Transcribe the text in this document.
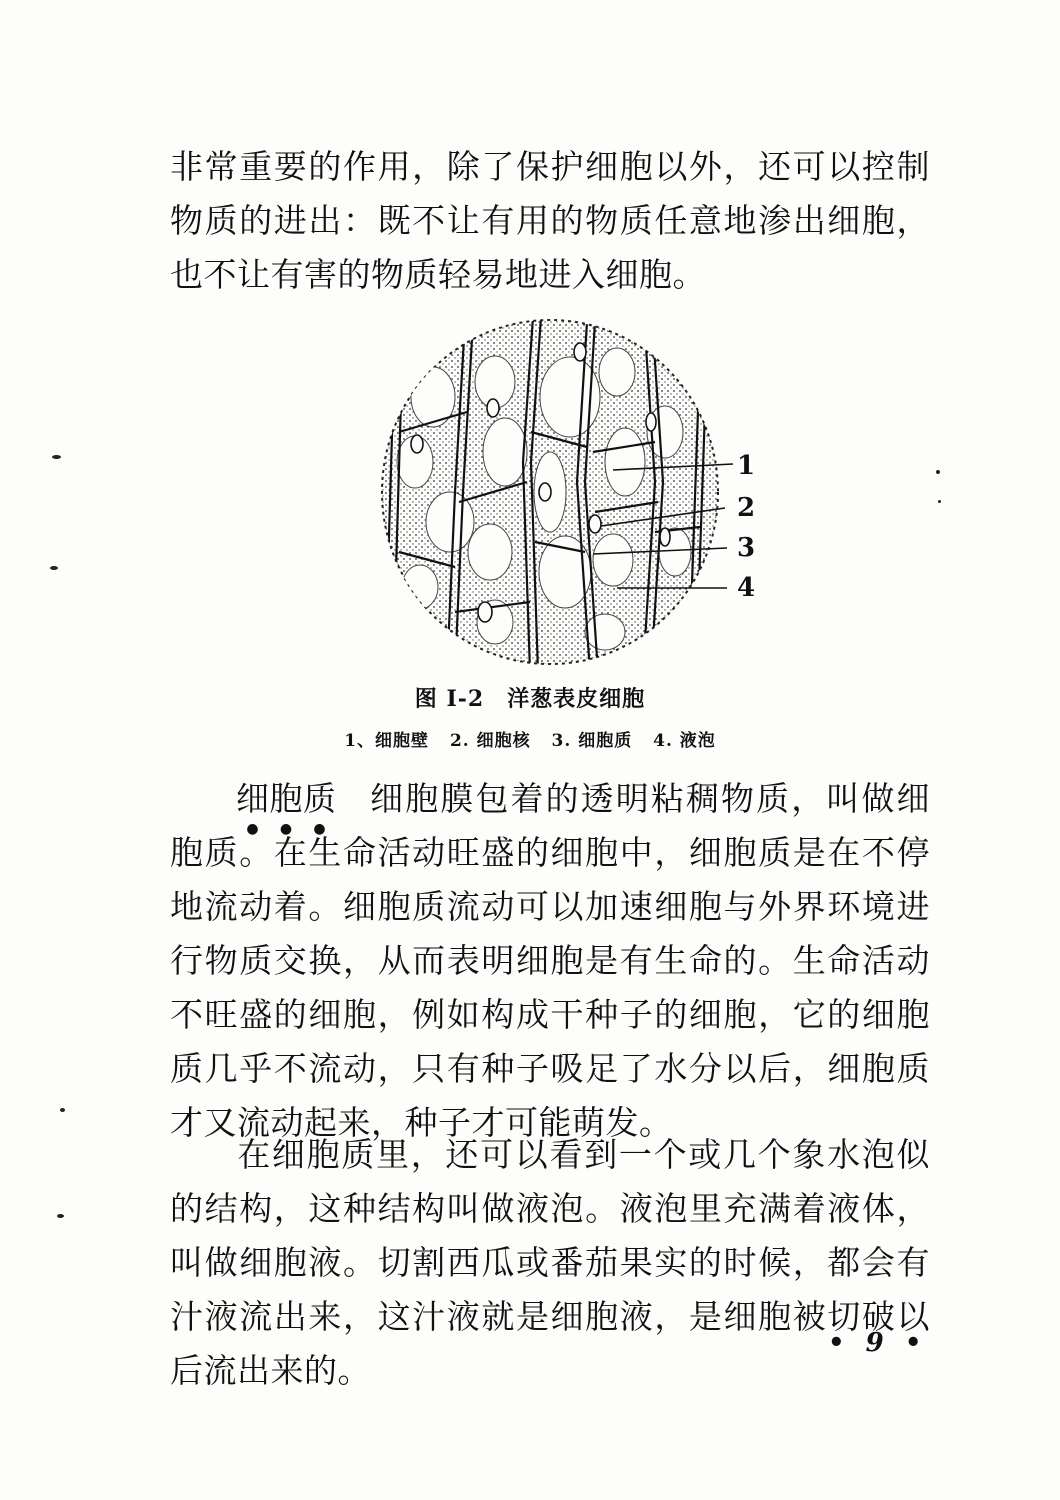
非常重要的作用，除了保护细胞以外，还可以控制物质的进出：既不让有用的物质任意地渗出细胞，也不让有害的物质轻易地进入细胞。

1
2
3
4
图 I-2　洋葱表皮细胞
1、细胞壁 2. 细胞核 3. 细胞质 4. 液泡

细胞质
● ● ●
细胞膜包着的透明粘稠物质，叫做细胞质。在生命活动旺盛的细胞中，细胞质是在不停地流动着。细胞质流动可以加速细胞与外界环境进行物质交换，从而表明细胞是有生命的。生命活动不旺盛的细胞，例如构成干种子的细胞，它的细胞质几乎不流动，只有种子吸足了水分以后，细胞质才又流动起来，种子才可能萌发。

在细胞质里，还可以看到一个或几个象水泡似的结构，这种结构叫做液泡。液泡里充满着液体，叫做细胞液。切割西瓜或番茄果实的时候，都会有汁液流出来，这汁液就是细胞液，是细胞被切破以后流出来的。

• 9 •
